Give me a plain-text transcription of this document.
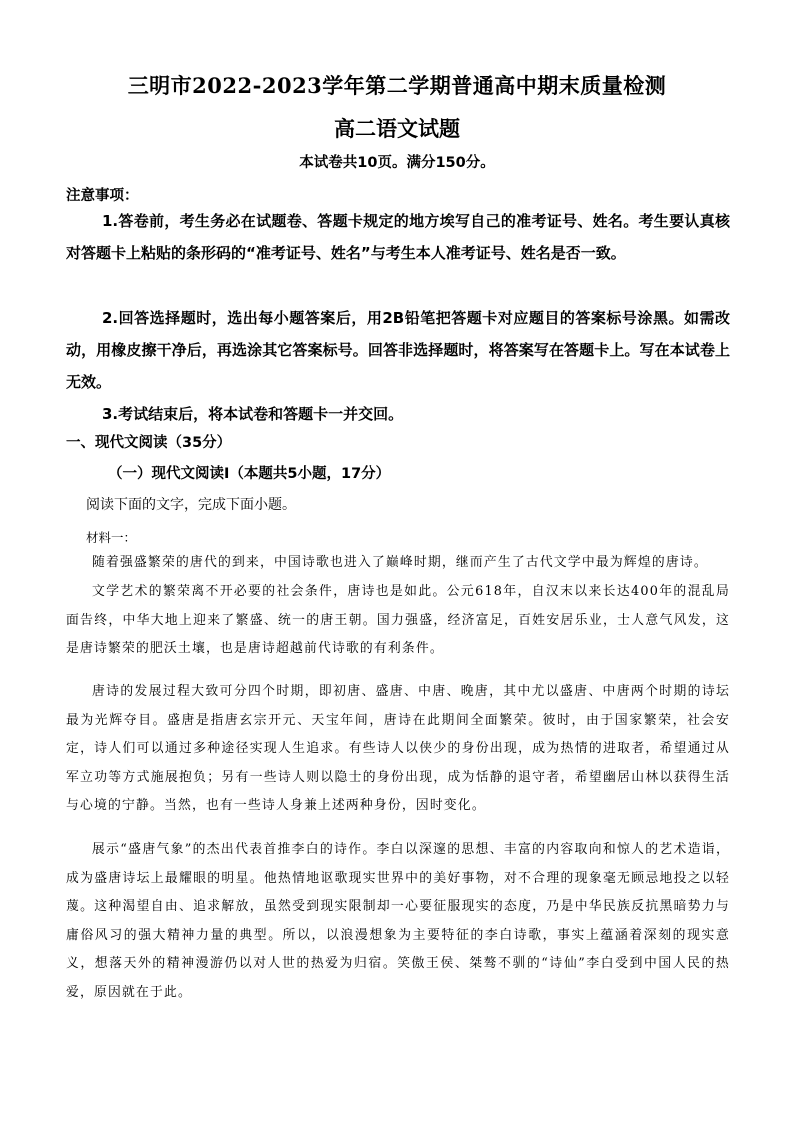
三明市2022-2023学年第二学期普通高中期末质量检测
高二语文试题
本试卷共10页。满分150分。
注意事项：
1.答卷前，考生务必在试题卷、答题卡规定的地方埃写自己的准考证号、姓名。考生要认真核对答题卡上粘贴的条形码的“准考证号、姓名”与考生本人准考证号、姓名是否一致。
2.回答选择题时，选出每小题答案后，用2B铅笔把答题卡对应题目的答案标号涂黑。如需改动，用橡皮擦干净后，再选涂其它答案标号。回答非选择题时，将答案写在答题卡上。写在本试卷上无效。
3.考试结束后，将本试卷和答题卡一并交回。
一、现代文阅读（35分）
（一）现代文阅读Ⅰ（本题共5小题，17分）
阅读下面的文字，完成下面小题。
材料一：
随着强盛繁荣的唐代的到来，中国诗歌也进入了巅峰时期，继而产生了古代文学中最为辉煌的唐诗。
文学艺术的繁荣离不开必要的社会条件，唐诗也是如此。公元618年，自汉末以来长达400年的混乱局面告终，中华大地上迎来了繁盛、统一的唐王朝。国力强盛，经济富足，百姓安居乐业，士人意气风发，这是唐诗繁荣的肥沃土壤，也是唐诗超越前代诗歌的有利条件。
唐诗的发展过程大致可分四个时期，即初唐、盛唐、中唐、晚唐，其中尤以盛唐、中唐两个时期的诗坛最为光辉夺目。盛唐是指唐玄宗开元、天宝年间，唐诗在此期间全面繁荣。彼时，由于国家繁荣，社会安定，诗人们可以通过多种途径实现人生追求。有些诗人以侠少的身份出现，成为热情的进取者，希望通过从军立功等方式施展抱负；另有一些诗人则以隐士的身份出现，成为恬静的退守者，希望幽居山林以获得生活与心境的宁静。当然，也有一些诗人身兼上述两种身份，因时变化。
展示“盛唐气象”的杰出代表首推李白的诗作。李白以深邃的思想、丰富的内容取向和惊人的艺术造诣，成为盛唐诗坛上最耀眼的明星。他热情地讴歌现实世界中的美好事物，对不合理的现象毫无顾忌地投之以轻蔑。这种渴望自由、追求解放，虽然受到现实限制却一心要征服现实的态度，乃是中华民族反抗黑暗势力与庸俗风习的强大精神力量的典型。所以，以浪漫想象为主要特征的李白诗歌，事实上蕴涵着深刻的现实意义，想落天外的精神漫游仍以对人世的热爱为归宿。笑傲王侯、桀骜不驯的“诗仙”李白受到中国人民的热爱，原因就在于此。
